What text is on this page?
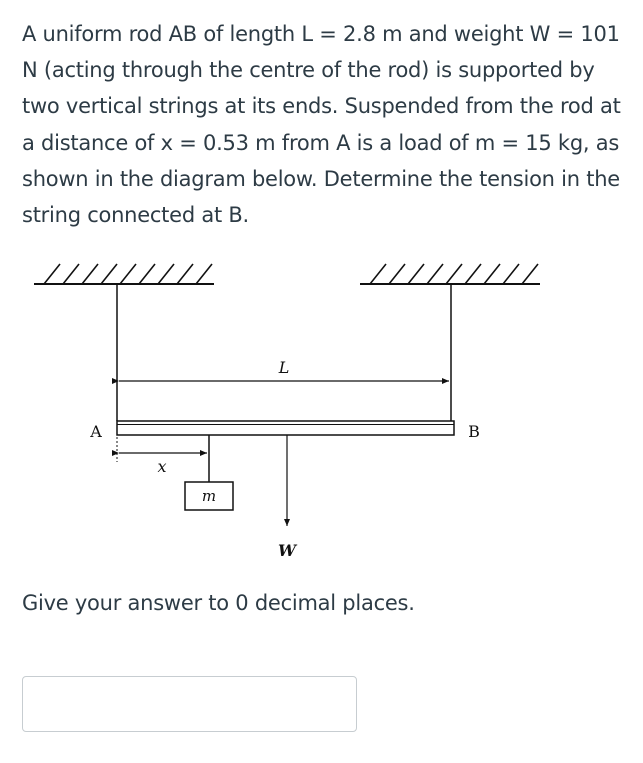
A uniform rod AB of length L = 2.8 m and weight W = 101 N (acting through the centre of the rod) is supported by two vertical strings at its ends. Suspended from the rod at a distance of x = 0.53 m from A is a load of m = 15 kg, as shown in the diagram below. Determine the tension in the string connected at B.

L
A	B
x
m
W

Give your answer to 0 decimal places.
